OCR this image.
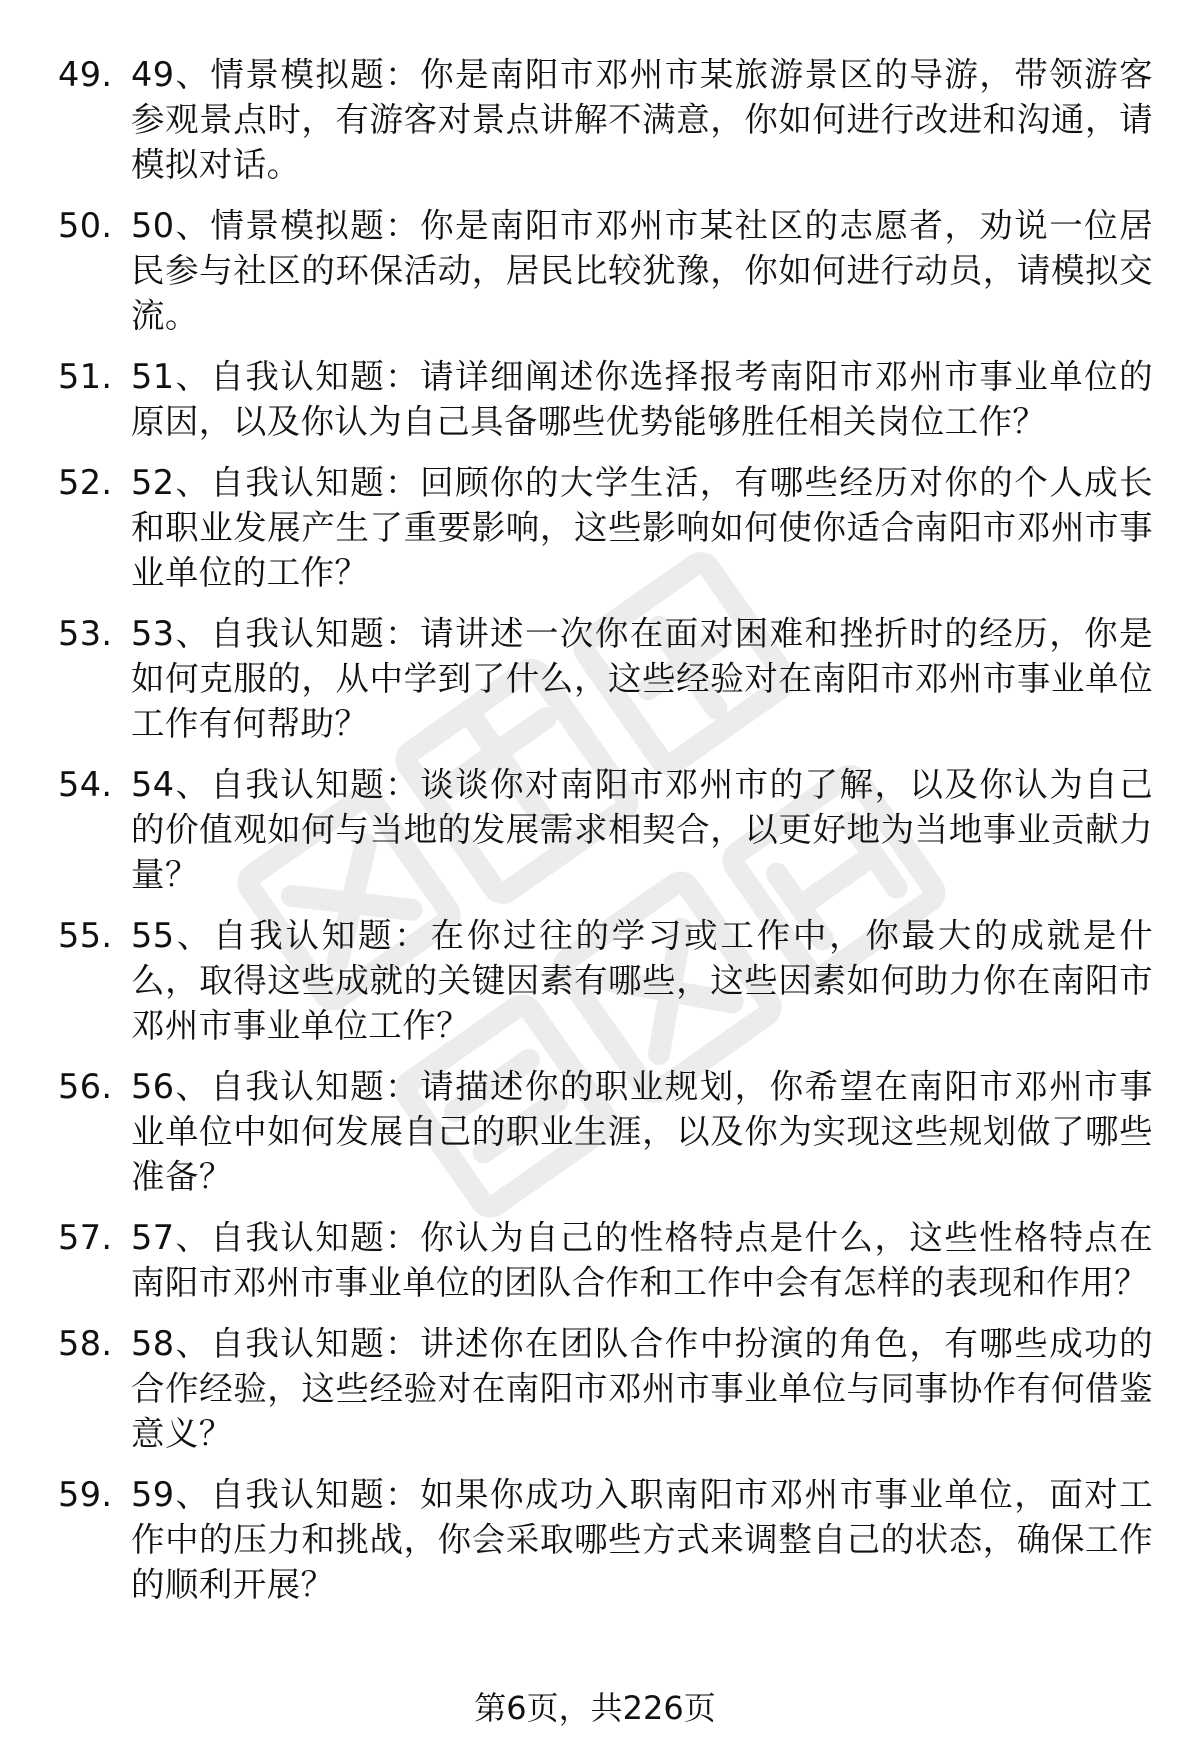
49. 49、情景模拟题：你是南阳市邓州市某旅游景区的导游，带领游客参观景点时，有游客对景点讲解不满意，你如何进行改进和沟通，请模拟对话。
50. 50、情景模拟题：你是南阳市邓州市某社区的志愿者，劝说一位居民参与社区的环保活动，居民比较犹豫，你如何进行动员，请模拟交流。
51. 51、自我认知题：请详细阐述你选择报考南阳市邓州市事业单位的原因，以及你认为自己具备哪些优势能够胜任相关岗位工作？
52. 52、自我认知题：回顾你的大学生活，有哪些经历对你的个人成长和职业发展产生了重要影响，这些影响如何使你适合南阳市邓州市事业单位的工作？
53. 53、自我认知题：请讲述一次你在面对困难和挫折时的经历，你是如何克服的，从中学到了什么，这些经验对在南阳市邓州市事业单位工作有何帮助？
54. 54、自我认知题：谈谈你对南阳市邓州市的了解，以及你认为自己的价值观如何与当地的发展需求相契合，以更好地为当地事业贡献力量？
55. 55、自我认知题：在你过往的学习或工作中，你最大的成就是什么，取得这些成就的关键因素有哪些，这些因素如何助力你在南阳市邓州市事业单位工作？
56. 56、自我认知题：请描述你的职业规划，你希望在南阳市邓州市事业单位中如何发展自己的职业生涯，以及你为实现这些规划做了哪些准备？
57. 57、自我认知题：你认为自己的性格特点是什么，这些性格特点在南阳市邓州市事业单位的团队合作和工作中会有怎样的表现和作用？
58. 58、自我认知题：讲述你在团队合作中扮演的角色，有哪些成功的合作经验，这些经验对在南阳市邓州市事业单位与同事协作有何借鉴意义？
59. 59、自我认知题：如果你成功入职南阳市邓州市事业单位，面对工作中的压力和挑战，你会采取哪些方式来调整自己的状态，确保工作的顺利开展？
第6页，共226页
